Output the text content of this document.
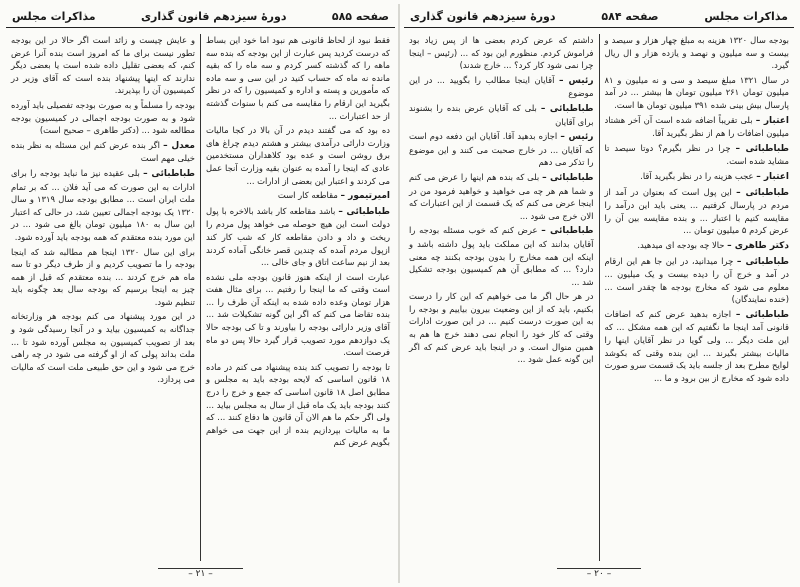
صفحه ۵۸۵
دورهٔ سیزدهم قانون گذاری
مذاکرات مجلس

فقط نبود از لحاظ قانونی هم نبود اما خود این بساط که درست کردید پس عبارت از این بودجه که بنده سه ماهه را که گذشته کسر کردم و سه ماه را که بقیه مانده نه ماه که حساب کنید در این سی و سه ماده که مأمورین و پسته و اداره و کمیسیون را که در نظر بگیرید این ارقام را مقایسه می کنم با سنوات گذشته از حد اعتبارات ...

ده بود که می گفتند دیدم در آن بالا در کجا مالیات وزارت دارائی درآمدی بیشتر و هشتم دیدم چراغ های برق روشن است و عده بود کلاهداران مستخدمین عادی که اینجا را آمده به عنوان بقیه وزارت آنجا عمل می کردند و اعتبار این بعضی از ادارات ...

امیرتیمور – مقاطعه کار است

طباطبائی – باشد مقاطعه کار باشد بالاخره با پول دولت است این هیچ حوصله می خواهد پول مردم را ریخت و داد و دادن مقاطعه کار که شب کار کند ازپول مردم آمده که چندین قصر خانگی آماده کردند بعد از نیم ساعت اتاق و جای خالی ...

عبارت است از اینکه هنوز قانون بودجه ملی نشده است وقتی که ما اینجا را رفتیم ... برای مثال هفت هزار تومان وعده داده شده به اینکه آن طرف را ... بنده تقاضا می کنم که اگر این گونه تشکیلات شد ... آقای وزیر دارائی بودجه را بیاورند و تا کی بودجه حالا یک دوازدهم مورد تصویب قرار گیرد حالا پس دو ماه فرصت است.

تا بودجه را تصویب کند بنده پیشنهاد می کنم در ماده ۱۸ قانون اساسی که لایحه بودجه باید به مجلس و مطابق اصل ۱۸ قانون اساسی که جمع و خرج را درج کنند بودجه باید یک ماه قبل از سال به مجلس بیاید ... ولی اگر حکم ما هم الان آن قانون ها دفاع کنند ... که ما به مالیات بپردازیم بنده از این جهت می خواهم بگویم عرض کنم

و عایش چیست و زائد است اگر حالا در این بودجه تطور نیست برای ما که امروز است بنده آنرا عرض کنم، که بعضی تقلیل داده شده است یا بعضی دیگر ندارند که اینها پیشنهاد بنده است که آقای وزیر در کمیسیون آن را بپذیرند.

بودجه را مسلماً و به صورت بودجه تفصیلی باید آورده شود و به صورت بودجه اجمالی در کمیسیون بودجه مطالعه شود ... (دکتر طاهری – صحیح است)

معدل – اگر بنده عرض کنم این مسئله به نظر بنده خیلی مهم است

طباطبائی – بلی عقیده نیز ما نباید بودجه را برای ادارات به این صورت که می آید فلان ... که بر تمام ملت ایران است ... مطابق بودجه سال ۱۳۱۹ و سال ۱۳۲۰ یک بودجه اجمالی تعیین شد، در حالی که اعتبار این سال به ۱۸۰ میلیون تومان بالغ می شود ... در این مورد بنده معتقدم که همه بودجه باید آورده شود.

برای این سال ۱۳۲۰ اینجا هم مطالبه شد که اینجا بودجه را ما تصویب کردیم و از طرف دیگر دو تا سه ماه هم خرج کردند ... بنده معتقدم که قبل از همه چیز به اینجا برسیم که بودجه سال بعد چگونه باید تنظیم شود.

در این مورد پیشنهاد می کنم بودجه هر وزارتخانه جداگانه به کمیسیون بیاید و در آنجا رسیدگی شود و بعد از تصویب کمیسیون به مجلس آورده شود تا ... ملت بداند پولی که از او گرفته می شود در چه راهی خرج می شود و این حق طبیعی ملت است که مالیات می پردازد.

– ۲۱ –
مذاکرات مجلس
صفحه ۵۸۴
دورهٔ سیزدهم قانون گذاری

بودجه سال ۱۳۲۰ هزینه به مبلغ چهار هزار و سیصد و بیست و سه میلیون و نهصد و یازده هزار و ال ریال گیرد.

در سال ۱۳۲۱ مبلغ سیصد و سی و نه میلیون و ۸۱ میلیون تومان ۲۶۱ میلیون تومان ها بیشتر ... در آمد پارسال بیش بینی شده ۳۹۱ میلیون تومان ها است.

اعتبار – بلی تقریباً اضافه شده است آن آخر هشتاد میلیون اضافات را هم از نظر بگیرید آقا.

طباطبائی – چرا در نظر بگیرم؟ دوتا سیصد تا مشاید شده است.

اعتبار – عجب هزینه را در نظر بگیرید آقا.

طباطبائی – این پول است که بعنوان در آمد از مردم در پارسال کرفتیم ... یعنی باید این درآمد را مقایسه کنیم با اعتبار ... و بنده مقایسه بین آن را عرض کردم ۵ میلیون تومان ...

دکتر طاهری – حالا چه بودجه ای میدهید.

طباطبائی – چرا میدانید، در این جا هم این ارقام در آمد و خرج آن را دیده بیست و یک میلیون ... معلوم می شود که مخارج بودجه ها چقدر است ... (خنده نمایندگان)

طباطبائی – اجازه بدهید عرض کنم که اضافات قانونی آمد اینجا ما نگفتیم که این همه مشکل ... که این ملت دیگر ... ولی گویا در نظر آقایان اینها را مالیات بیشتر بگیرند ... این بنده وقتی که بکوشد لوایح مطرح بعد از جلسه باید یک قسمت سرو صورت داده شود که مخارج از بین برود و ما ...

داشتم که عرض کردم بعضی ها از پس زیاد بود فراموش کردم. منظورم این بود که ... (رئیس – اینجا چرا نمی شود کار کرد؟ ... خارج شدند)

رئیس – آقایان اینجا مطالب را بگویید ... در این موضوع

طباطبائی – بلی که آقایان عرض بنده را بشنوند برای آقایان

رئیس – اجازه بدهید آقا. آقایان این دفعه دوم است که آقایان ... در خارج صحبت می کنند و این موضوع را تذکر می دهم

طباطبائی – بلی که بنده هم اینها را عرض می کنم و شما هم هر چه می خواهید و خواهید فرمود من در اینجا عرض می کنم که یک قسمت از این اعتبارات که الان خرج می شود ...

طباطبائی – عرض کنم که خوب مسئله بودجه را آقایان بدانند که این مملکت باید پول داشته باشد و اینکه این همه مخارج را بدون بودجه بکنند چه معنی دارد؟ ... که مطابق آن هم کمیسیون بودجه تشکیل شد ...

در هر حال اگر ما می خواهیم که این کار را درست بکنیم، باید که از این وضعیت بیرون بیاییم و بودجه را به این صورت درست کنیم ... در این صورت ادارات وقتی که کار خود را انجام نمی دهند خرج ها هم به همین منوال است. و در اینجا باید عرض کنم که اگر این گونه عمل شود ...

– ۲۰ –
